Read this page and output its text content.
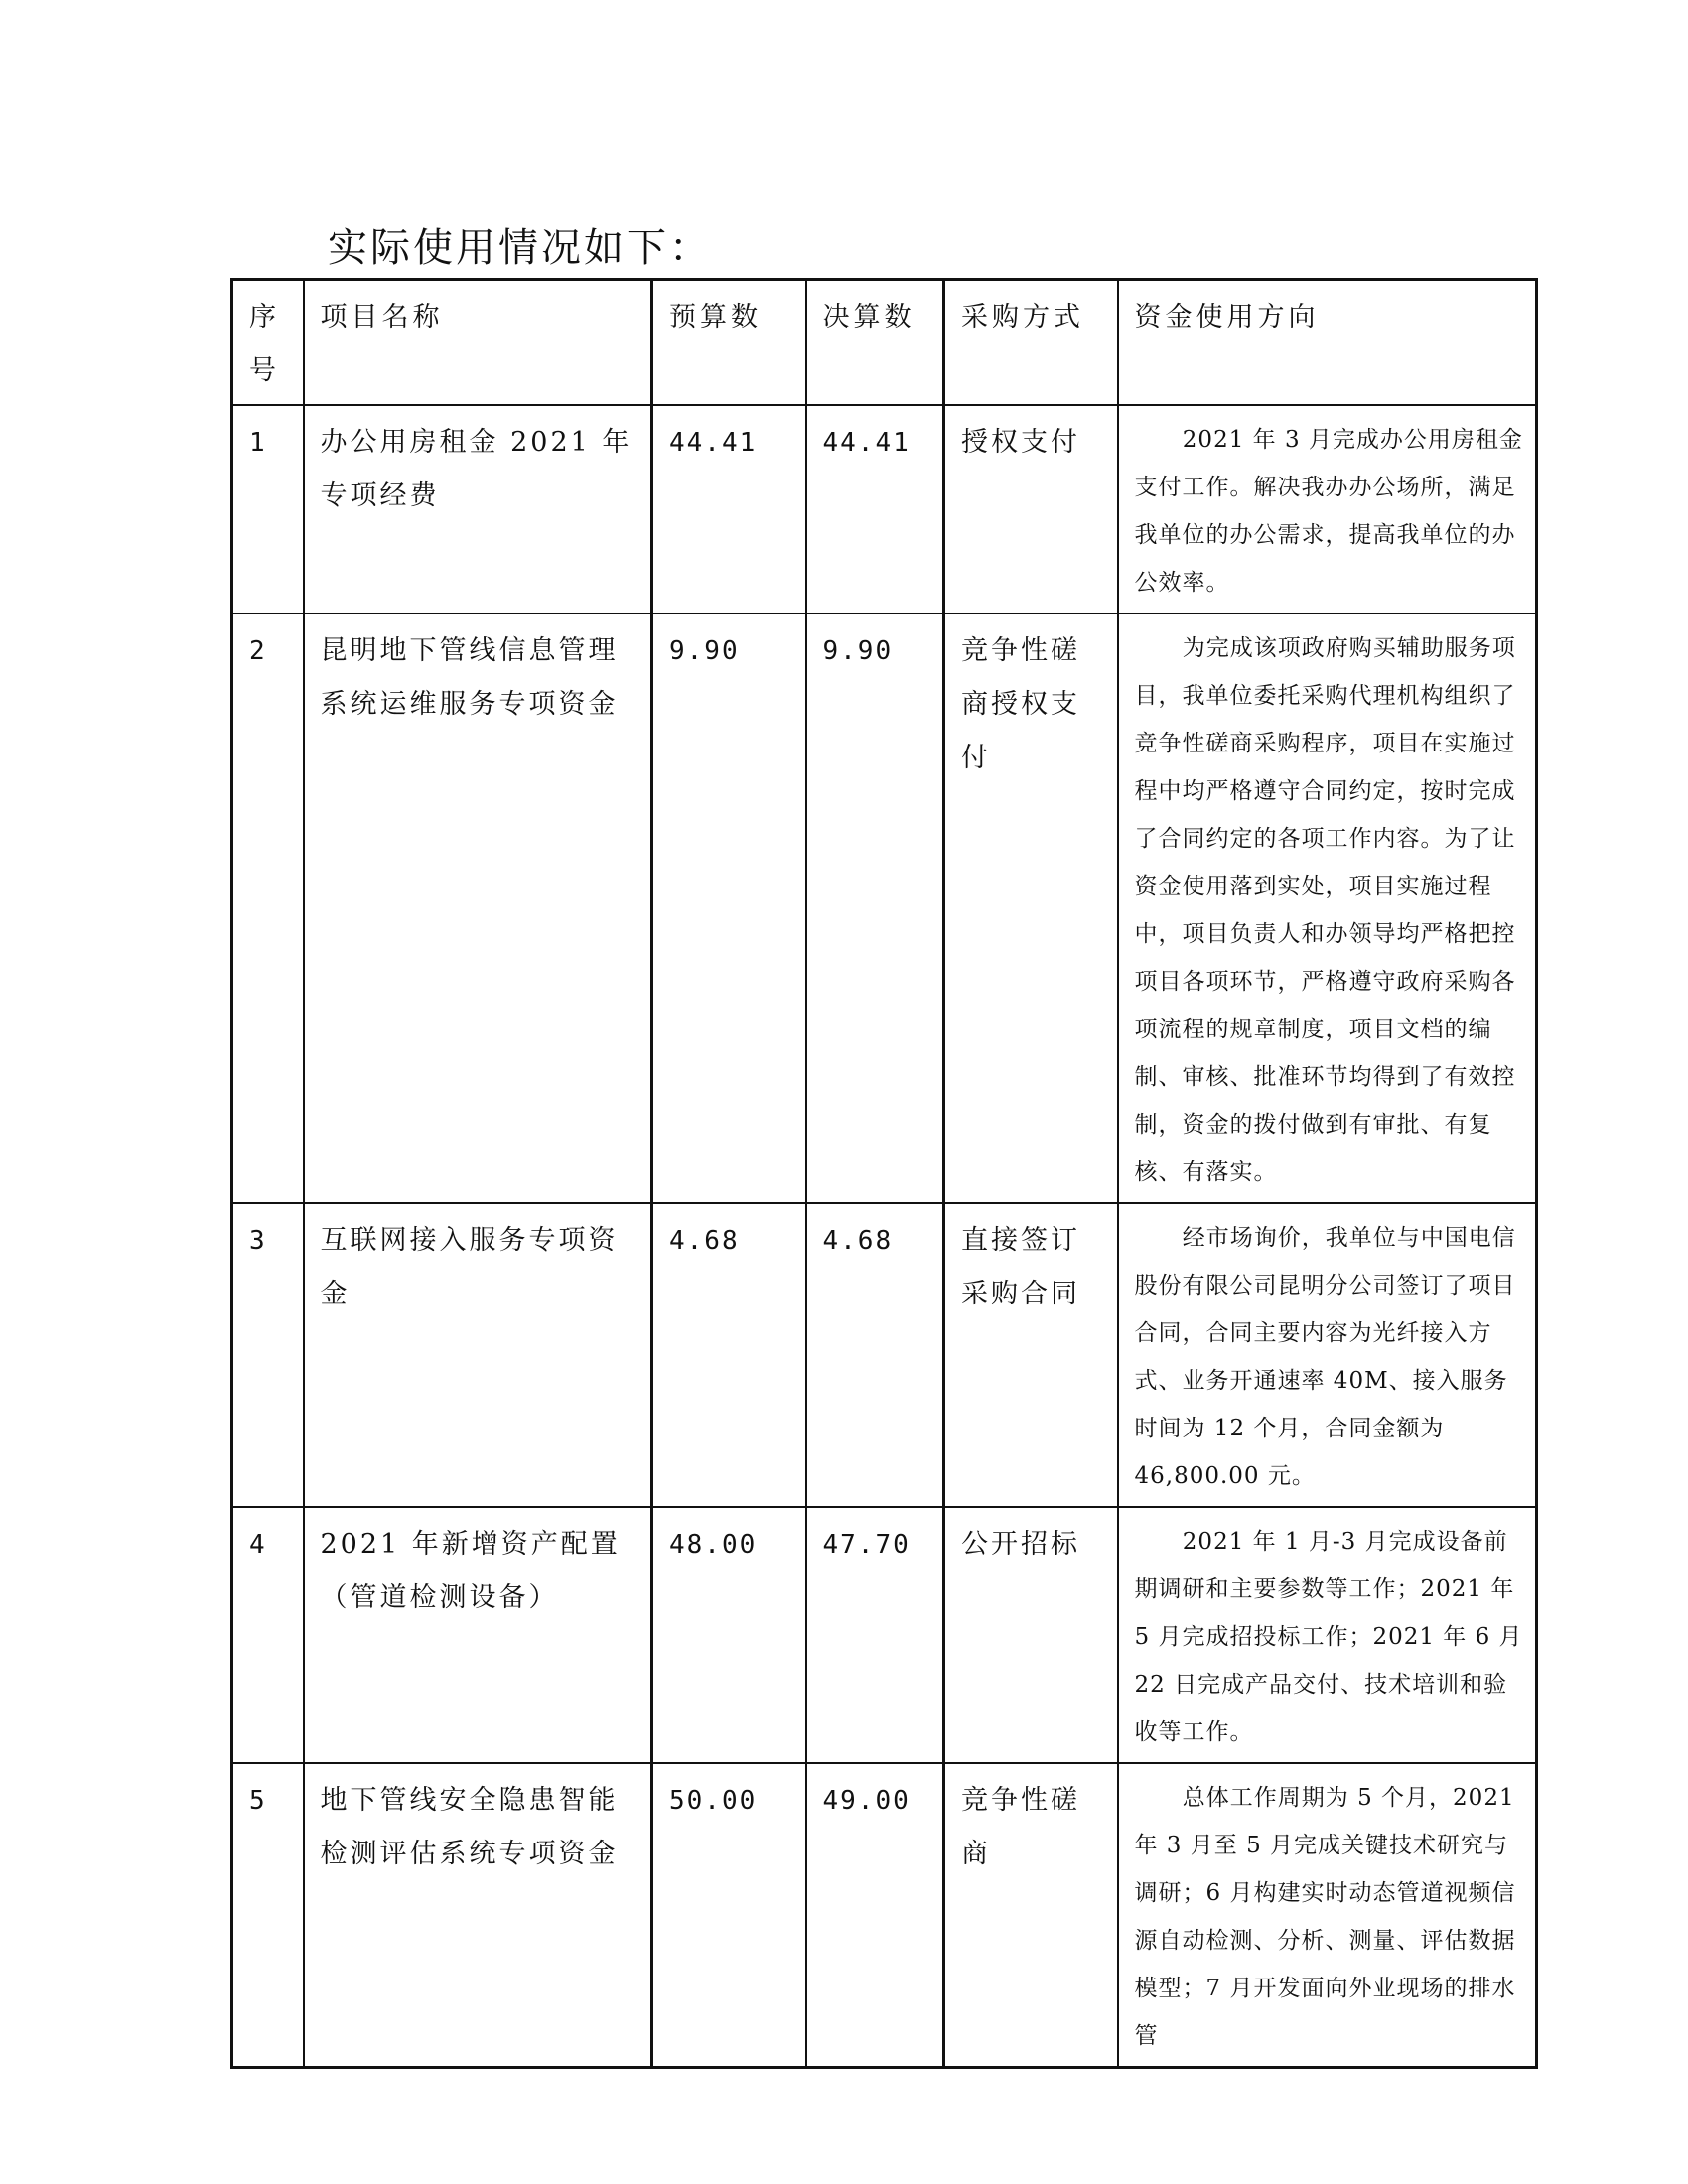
实际使用情况如下：
序号	项目名称	预算数	决算数	采购方式	资金使用方向
1	办公用房租金 2021 年专项经费	44.41	44.41	授权支付	2021 年 3 月完成办公用房租金支付工作。解决我办办公场所，满足我单位的办公需求，提高我单位的办公效率。
2	昆明地下管线信息管理系统运维服务专项资金	9.90	9.90	竞争性磋商授权支付	为完成该项政府购买辅助服务项目，我单位委托采购代理机构组织了竞争性磋商采购程序，项目在实施过程中均严格遵守合同约定，按时完成了合同约定的各项工作内容。为了让资金使用落到实处，项目实施过程中，项目负责人和办领导均严格把控项目各项环节，严格遵守政府采购各项流程的规章制度，项目文档的编制、审核、批准环节均得到了有效控制，资金的拨付做到有审批、有复核、有落实。
3	互联网接入服务专项资金	4.68	4.68	直接签订采购合同	经市场询价，我单位与中国电信股份有限公司昆明分公司签订了项目合同，合同主要内容为光纤接入方式、业务开通速率 40M、接入服务时间为 12 个月，合同金额为 46,800.00 元。
4	2021 年新增资产配置（管道检测设备）	48.00	47.70	公开招标	2021 年 1 月-3 月完成设备前期调研和主要参数等工作；2021 年 5 月完成招投标工作；2021 年 6 月 22 日完成产品交付、技术培训和验收等工作。
5	地下管线安全隐患智能检测评估系统专项资金	50.00	49.00	竞争性磋商	总体工作周期为 5 个月，2021 年 3 月至 5 月完成关键技术研究与调研；6 月构建实时动态管道视频信源自动检测、分析、测量、评估数据模型；7 月开发面向外业现场的排水管
